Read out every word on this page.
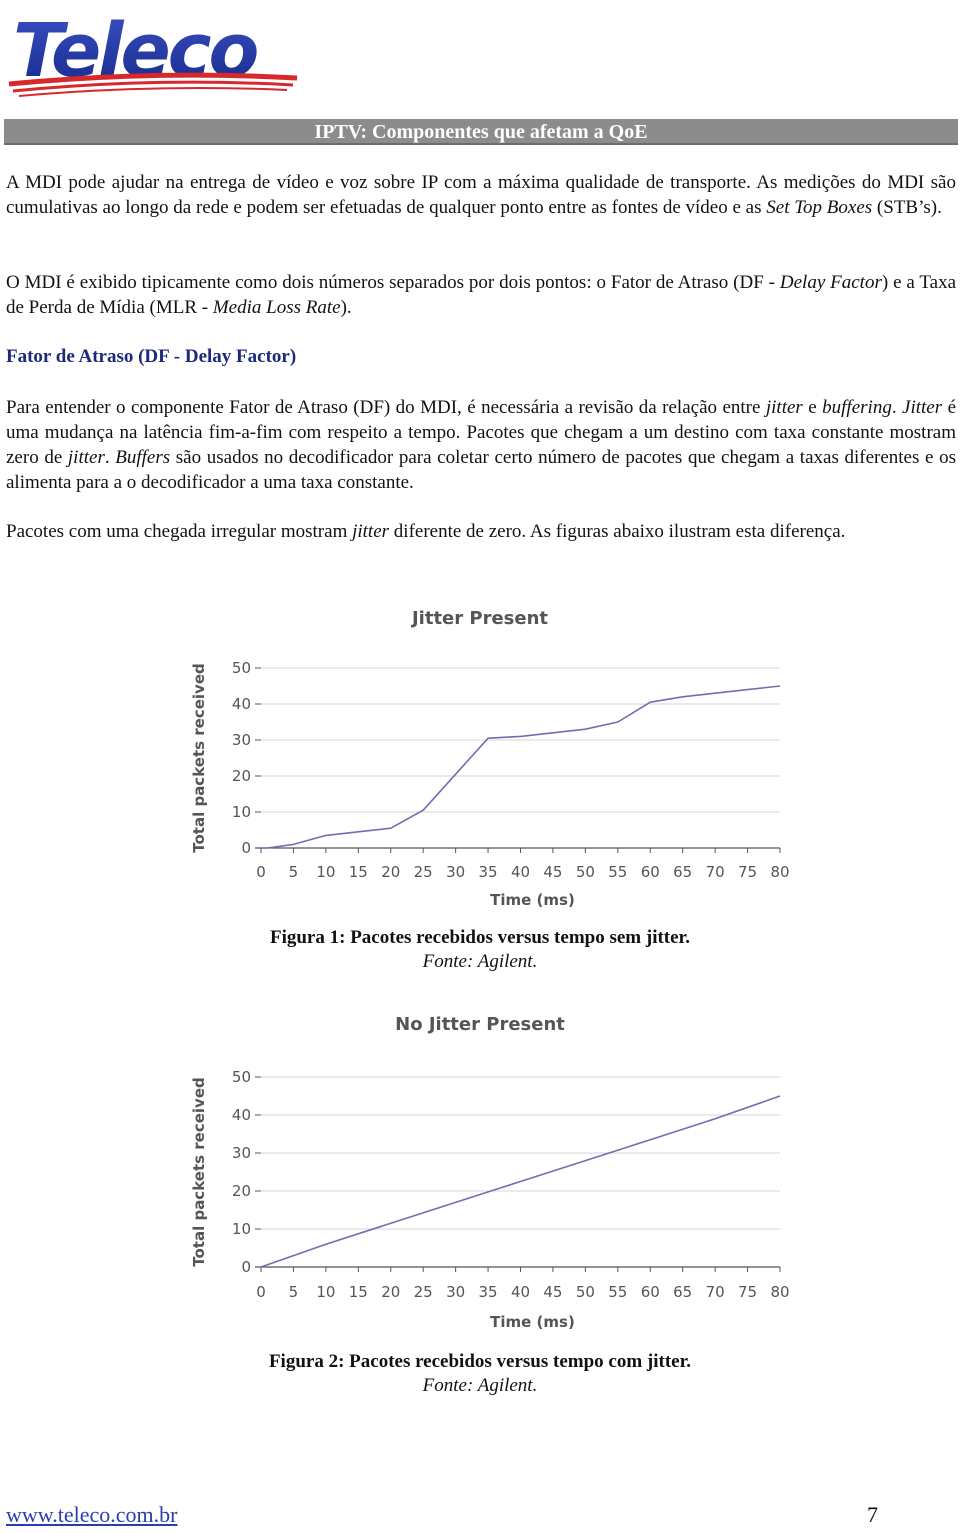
Teleco
IPTV: Componentes que afetam a QoE

A MDI pode ajudar na entrega de vídeo e voz sobre IP com a máxima qualidade de transporte. As medições do MDI são cumulativas ao longo da rede e podem ser efetuadas de qualquer ponto entre as fontes de vídeo e as Set Top Boxes (STB’s).

O MDI é exibido tipicamente como dois números separados por dois pontos: o Fator de Atraso (DF - Delay Factor) e a Taxa de Perda de Mídia (MLR - Media Loss Rate).

Fator de Atraso (DF - Delay Factor)

Para entender o componente Fator de Atraso (DF) do MDI, é necessária a revisão da relação entre jitter e buffering. Jitter é uma mudança na latência fim-a-fim com respeito a tempo. Pacotes que chegam a um destino com taxa constante mostram zero de jitter. Buffers são usados no decodificador para coletar certo número de pacotes que chegam a taxas diferentes e os alimenta para a o decodificador a uma taxa constante.

Pacotes com uma chegada irregular mostram jitter diferente de zero. As figuras abaixo ilustram esta diferença.

Jitter Present
0
10
20
30
40
50
0 5 10 15 20 25 30 35 40 45 50 55 60 65 70 75 80
Time (ms)
Total packets received
Figura 1: Pacotes recebidos versus tempo sem jitter.
Fonte: Agilent.
No Jitter Present
0
10
20
30
40
50
0 5 10 15 20 25 30 35 40 45 50 55 60 65 70 75 80
Time (ms)
Total packets received
Figura 2: Pacotes recebidos versus tempo com jitter.
Fonte: Agilent.
www.teleco.com.br	7
